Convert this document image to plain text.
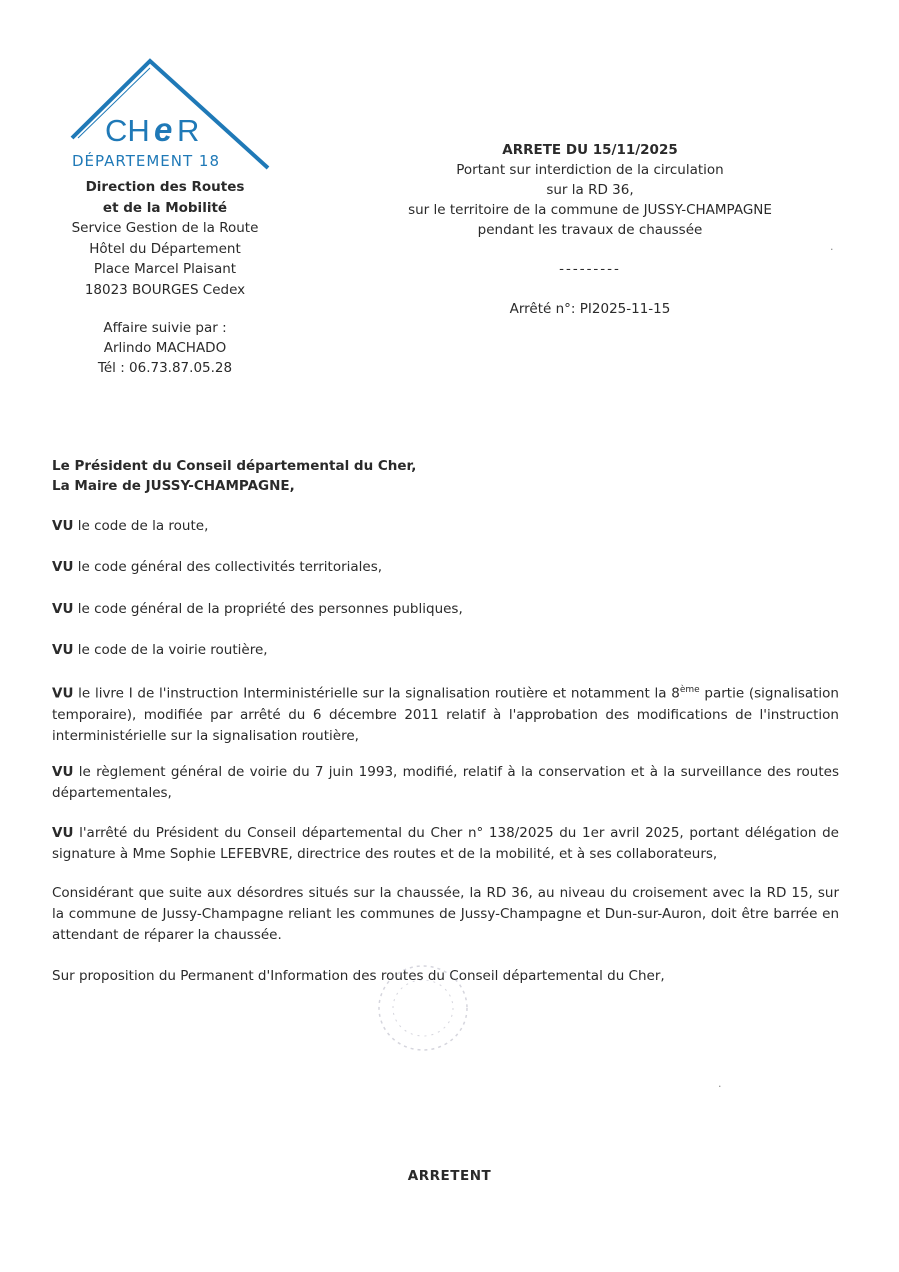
CH e R
DÉPARTEMENT 18
Direction des Routes
et de la Mobilité
Service Gestion de la Route
Hôtel du Département
Place Marcel Plaisant
18023 BOURGES Cedex
Affaire suivie par :
Arlindo MACHADO
Tél : 06.73.87.05.28
ARRETE DU 15/11/2025
Portant sur interdiction de la circulation
sur la RD 36,
sur le territoire de la commune de JUSSY-CHAMPAGNE
pendant les travaux de chaussée
---------
Arrêté n°: PI2025-11-15
Le Président du Conseil départemental du Cher,
La Maire de JUSSY-CHAMPAGNE,
VU le code de la route,
VU le code général des collectivités territoriales,
VU le code général de la propriété des personnes publiques,
VU le code de la voirie routière,
VU le livre I de l'instruction Interministérielle sur la signalisation routière et notamment la 8ème partie (signalisation temporaire), modifiée par arrêté du 6 décembre 2011 relatif à l'approbation des modifications de l'instruction interministérielle sur la signalisation routière,
VU le règlement général de voirie du 7 juin 1993, modifié, relatif à la conservation et à la surveillance des routes départementales,
VU l'arrêté du Président du Conseil départemental du Cher n° 138/2025 du 1er avril 2025, portant délégation de signature à Mme Sophie LEFEBVRE, directrice des routes et de la mobilité, et à ses collaborateurs,
Considérant que suite aux désordres situés sur la chaussée, la RD 36, au niveau du croisement avec la RD 15, sur la commune de Jussy-Champagne reliant les communes de Jussy-Champagne et Dun-sur-Auron, doit être barrée en attendant de réparer la chaussée.
Sur proposition du Permanent d'Information des routes du Conseil départemental du Cher,
·
·
ARRETENT
